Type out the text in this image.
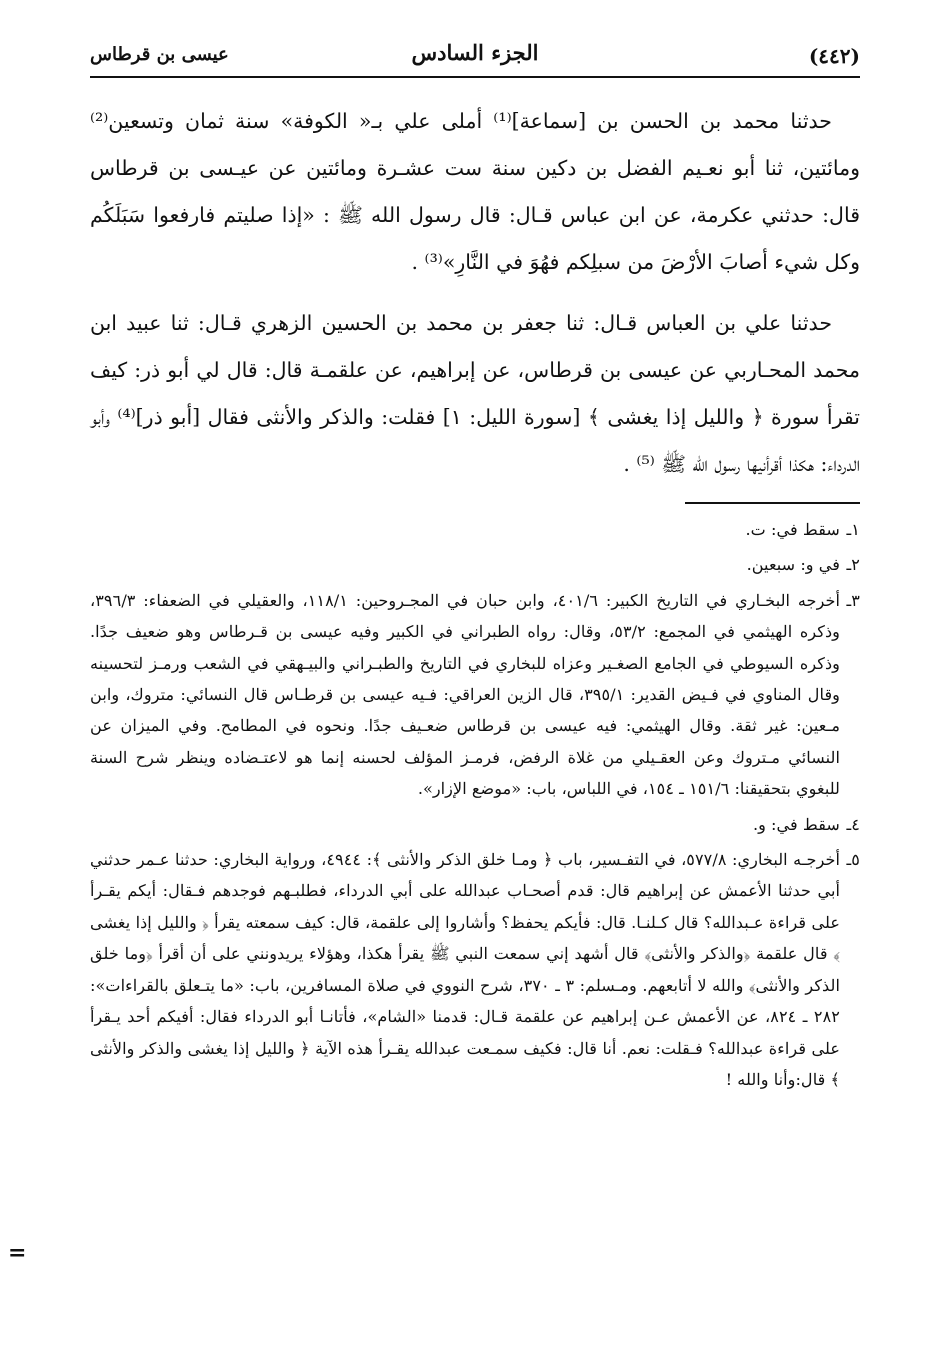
(٤٤٢)
الجزء السادس
عيسى بن قرطاس

حدثنا محمد بن الحسن بن [سماعة]⁽¹⁾ أملى علي بـ« الكوفة» سنة ثمان وتسعين⁽²⁾ ومائتين، ثنا أبو نعـيم الفضل بن دكين سنة ست عشـرة ومائتين عن عيـسى بن قرطاس قال: حدثني عكرمة، عن ابن عباس قـال: قال رسول الله ﷺ : «إذا صليتم فارفعوا سَبَلَكُم وكل شيء أصابَ الأرْضَ من سبلِكم فهُوَ في النَّارِ»⁽³⁾ .

حدثنا علي بن العباس قـال: ثنا جعفر بن محمد بن الحسين الزهري قـال: ثنا عبيد ابن محمد المحـاربي عن عيسى بن قرطاس، عن إبراهيم، عن علقمـة قال: قال لي أبو ذر: كيف تقرأ سورة ﴿ والليل إذا يغشى ﴾ [سورة الليل: ١] فقلت: والذكر والأنثى فقال [أبو ذر]⁽⁴⁾ وأبو الدرداء: هكذا أقرأنيها رسول الله ﷺ ⁽⁵⁾ .

١ـ
سقط في: ت.
٢ـ
في و: سبعين.
٣ـ
أخرجه البخـاري في التاريخ الكبير: ٤٠١/٦، وابن حبان في المجـروحين: ١١٨/١، والعقيلي في الضعفاء: ٣٩٦/٣، وذكره الهيثمي في المجمع: ٥٣/٢، وقال: رواه الطبراني في الكبير وفيه عيسى بن قـرطاس وهو ضعيف جدًا. وذكره السيوطي في الجامع الصغـير وعزاه للبخاري في التاريخ والطبـراني والبيـهقي في الشعب ورمـز لتحسينه وقال المناوي في فـيض القدير: ٣٩٥/١، قال الزين العراقي: فـيه عيسى بن قرطـاس قال النسائي: متروك، وابن مـعين: غير ثقة. وقال الهيثمي: فيه عيسى بن قرطاس ضعـيف جدًا. ونحوه في المطامح. وفي الميزان عن النسائي مـتروك وعن العقـيلي من غلاة الرفض، فرمـز المؤلف لحسنه إنما هو لاعتـضاده وينظر شرح السنة للبغوي بتحقيقنا: ١٥١/٦ ـ ١٥٤، في اللباس، باب: «موضع الإزار».
٤ـ
سقط في: و.
٥ـ
أخرجـه البخاري: ٥٧٧/٨، في التفـسير، باب ﴿ ومـا خلق الذكر والأنثى ﴾: ٤٩٤٤، ورواية البخاري: حدثنا عـمر حدثني أبي حدثنا الأعمش عن إبراهيم قال: قدم أصحـاب عبدالله على أبي الدرداء، فطلبـهم فوجدهم فـقال: أيكم يقـرأ على قراءة عـبدالله؟ قال كـلنـا. قال: فأيكم يحفظ؟ وأشاروا إلى علقمة، قال: كيف سمعته يقرأ ﴿ والليل إذا يغشى ﴾ قال علقمة ﴿والذكر والأنثى﴾ قال أشهد إني سمعت النبي ﷺ يقرأ هكذا، وهؤلاء يريدونني على أن أقرأ ﴿وما خلق الذكر والأنثى﴾ والله لا أتابعهم. ومـسلم: ٣ ـ ٣٧٠، شرح النووي في صلاة المسافرين، باب: «ما يتـعلق بالقراءات»: ٢٨٢ ـ ٨٢٤، عن الأعمش عـن إبراهيم عن علقمة قـال: قدمنا «الشام»، فأتانـا أبو الدرداء فقال: أفيكم أحد يـقرأ على قراءة عبدالله؟ فـقلت: نعم. أنا قال: فكيف سمـعت عبدالله يقـرأ هذه الآية ﴿ والليل إذا يغشى والذكر والأنثى ﴾ قال:وأنا والله !
=
